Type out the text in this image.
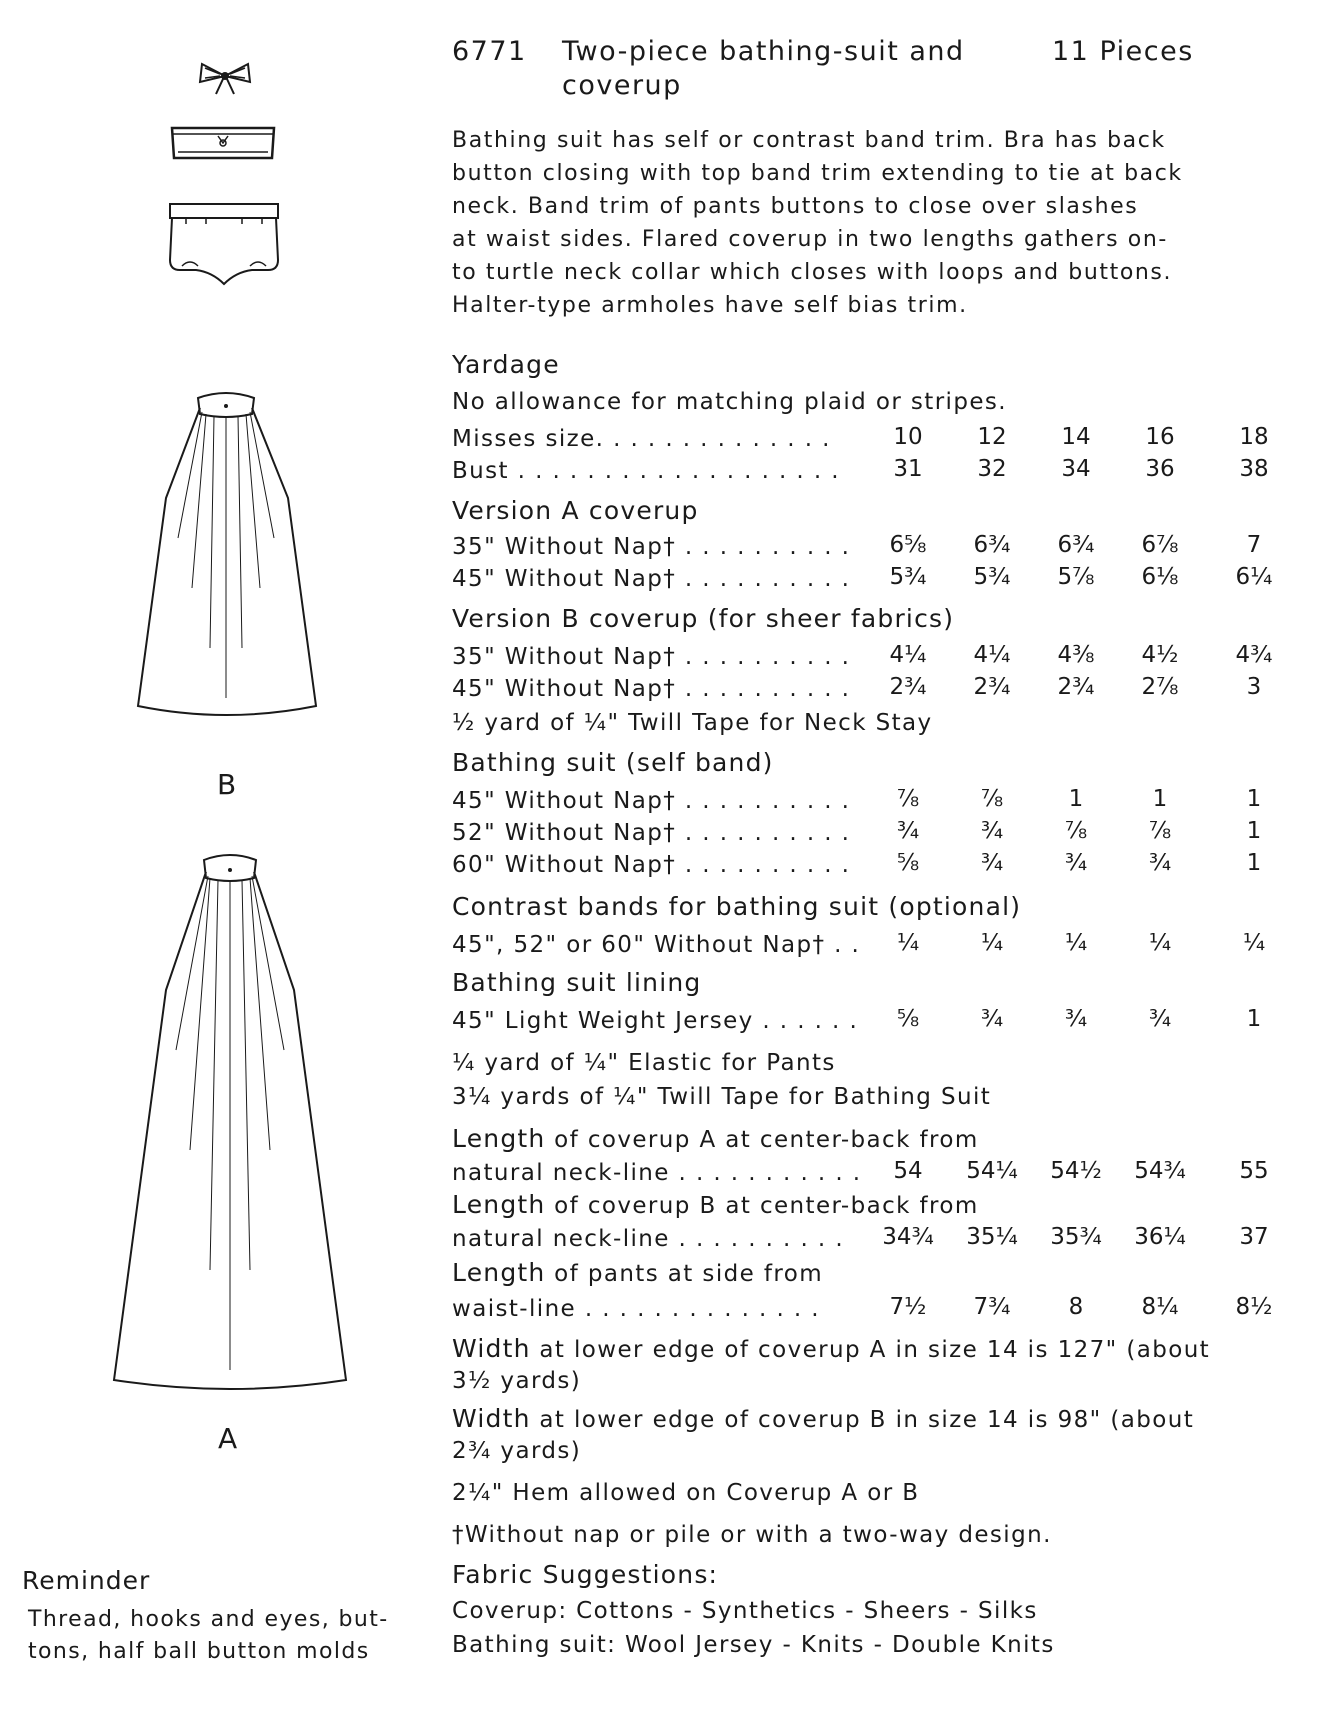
6771 Two-piece bathing-suit and
coverup
11 Pieces
Bathing suit has self or contrast band trim. Bra has back
button closing with top band trim extending to tie at back
neck. Band trim of pants buttons to close over slashes
at waist sides. Flared coverup in two lengths gathers on-
to turtle neck collar which closes with loops and buttons.
Halter-type armholes have self bias trim.
B
A
Yardage
No allowance for matching plaid or stripes.
Misses size. . . . . . . . . . . . . .	10	12	14	16	18
Bust . . . . . . . . . . . . . . . . . . .	31	32	34	36	38
Version A coverup
35" Without Nap† . . . . . . . . . .	6⅝	6¾	6¾	6⅞	7
45" Without Nap† . . . . . . . . . .	5¾	5¾	5⅞	6⅛	6¼
Version B coverup (for sheer fabrics)
35" Without Nap† . . . . . . . . . .	4¼	4¼	4⅜	4½	4¾
45" Without Nap† . . . . . . . . . .	2¾	2¾	2¾	2⅞	3
½ yard of ¼" Twill Tape for Neck Stay
Bathing suit (self band)
45" Without Nap† . . . . . . . . . .	⅞	⅞	1	1	1
52" Without Nap† . . . . . . . . . .	¾	¾	⅞	⅞	1
60" Without Nap† . . . . . . . . . .	⅝	¾	¾	¾	1
Contrast bands for bathing suit (optional)
45", 52" or 60" Without Nap† . .	¼	¼	¼	¼	¼
Bathing suit lining
45" Light Weight Jersey . . . . . .	⅝	¾	¾	¾	1
¼ yard of ¼" Elastic for Pants
3¼ yards of ¼" Twill Tape for Bathing Suit
Length of coverup A at center-back from
natural neck-line . . . . . . . . . . .	54	54¼	54½	54¾	55
Length of coverup B at center-back from
natural neck-line . . . . . . . . . .	34¾	35¼	35¾	36¼	37
Length of pants at side from
waist-line . . . . . . . . . . . . . .	7½	7¾	8	8¼	8½
Width at lower edge of coverup A in size 14 is 127" (about
3½ yards)
Width at lower edge of coverup B in size 14 is 98" (about
2¾ yards)
2¼" Hem allowed on Coverup A or B
†Without nap or pile or with a two-way design.
Fabric Suggestions:
Coverup: Cottons - Synthetics - Sheers - Silks
Bathing suit: Wool Jersey - Knits - Double Knits
Reminder
Thread, hooks and eyes, but-
tons, half ball button molds
